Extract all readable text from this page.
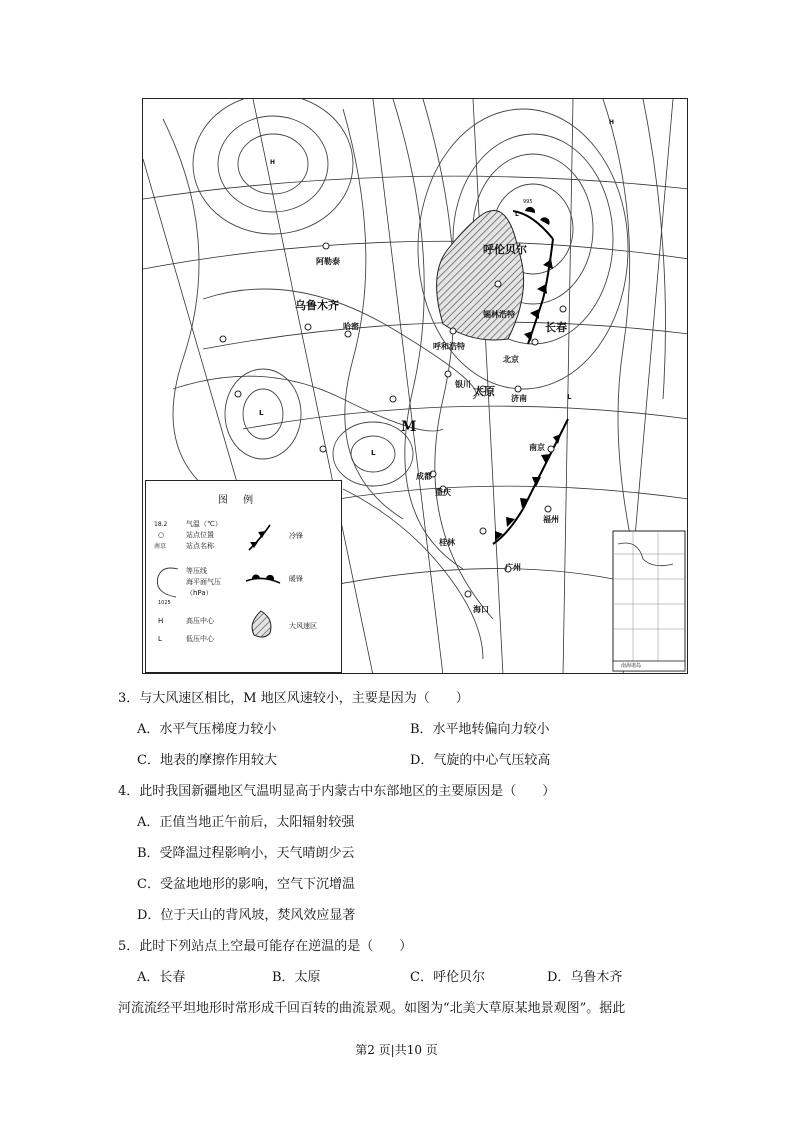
阿勒泰
乌鲁木齐
哈密
呼伦贝尔
锡林浩特
呼和浩特
北京
长春
银川
太原
济南
南京
成都
重庆
福州
桂林
广州
海口
M
H
H
L
L
L
L
995
南海诸岛
图 例
18.2	气温（℃）
○	站点位置
南京	站点名称
等压线
海平面气压
（hPa）
1025
H	高压中心
L	低压中心
冷锋
暖锋
大风速区
3．与大风速区相比，M 地区风速较小，主要是因为（　　）
A．水平气压梯度力较小	B．水平地转偏向力较小
C．地表的摩擦作用较大	D．气旋的中心气压较高
4．此时我国新疆地区气温明显高于内蒙古中东部地区的主要原因是（　　）
A．正值当地正午前后，太阳辐射较强
B．受降温过程影响小，天气晴朗少云
C．受盆地地形的影响，空气下沉增温
D．位于天山的背风坡，焚风效应显著
5．此时下列站点上空最可能存在逆温的是（　　）
A．长春	B．太原	C．呼伦贝尔	D．乌鲁木齐
河流流经平坦地形时常形成千回百转的曲流景观。如图为“北美大草原某地景观图”。据此
第2 页|共10 页
